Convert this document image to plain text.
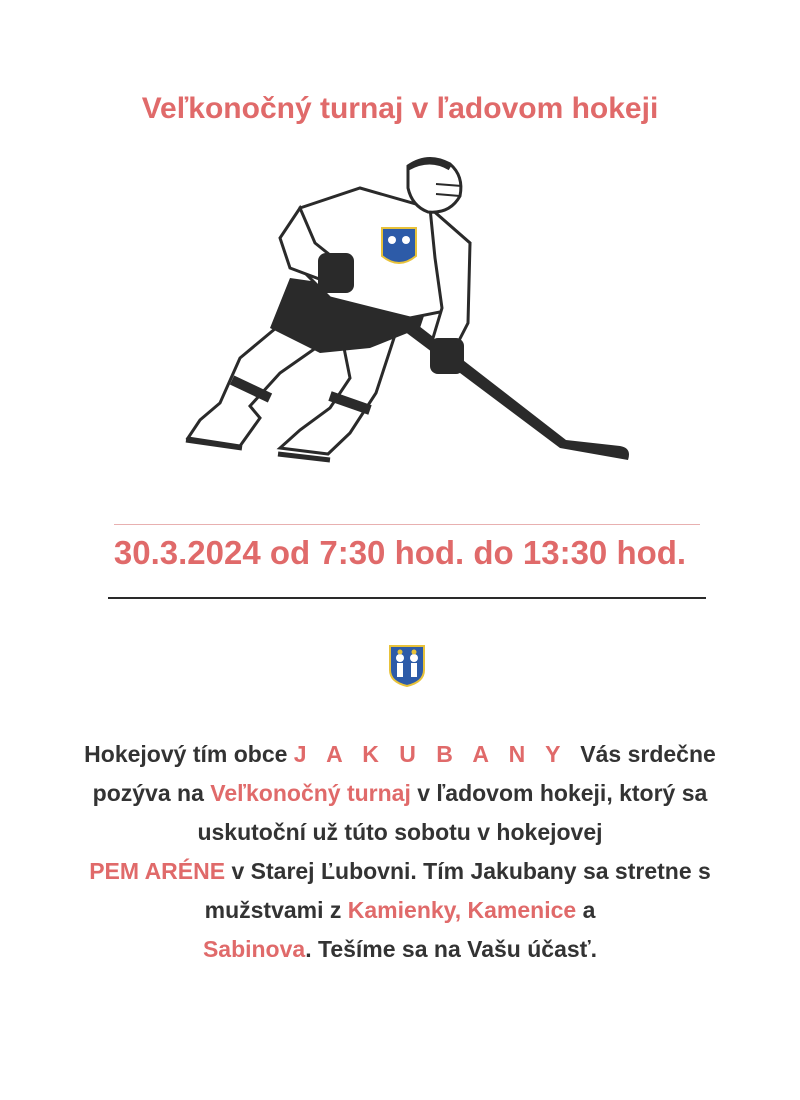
Veľkonočný turnaj v ľadovom hokeji
30.3.2024 od 7:30 hod. do 13:30 hod.
Hokejový tím obce J A K U B A N Y  Vás srdečne pozýva na Veľkonočný turnaj v ľadovom hokeji, ktorý sa uskutoční už túto sobotu v hokejovej
PEM ARÉNE v Starej Ľubovni. Tím Jakubany sa stretne s mužstvami z Kamienky, Kamenice a
Sabinova. Tešíme sa na Vašu účasť.
